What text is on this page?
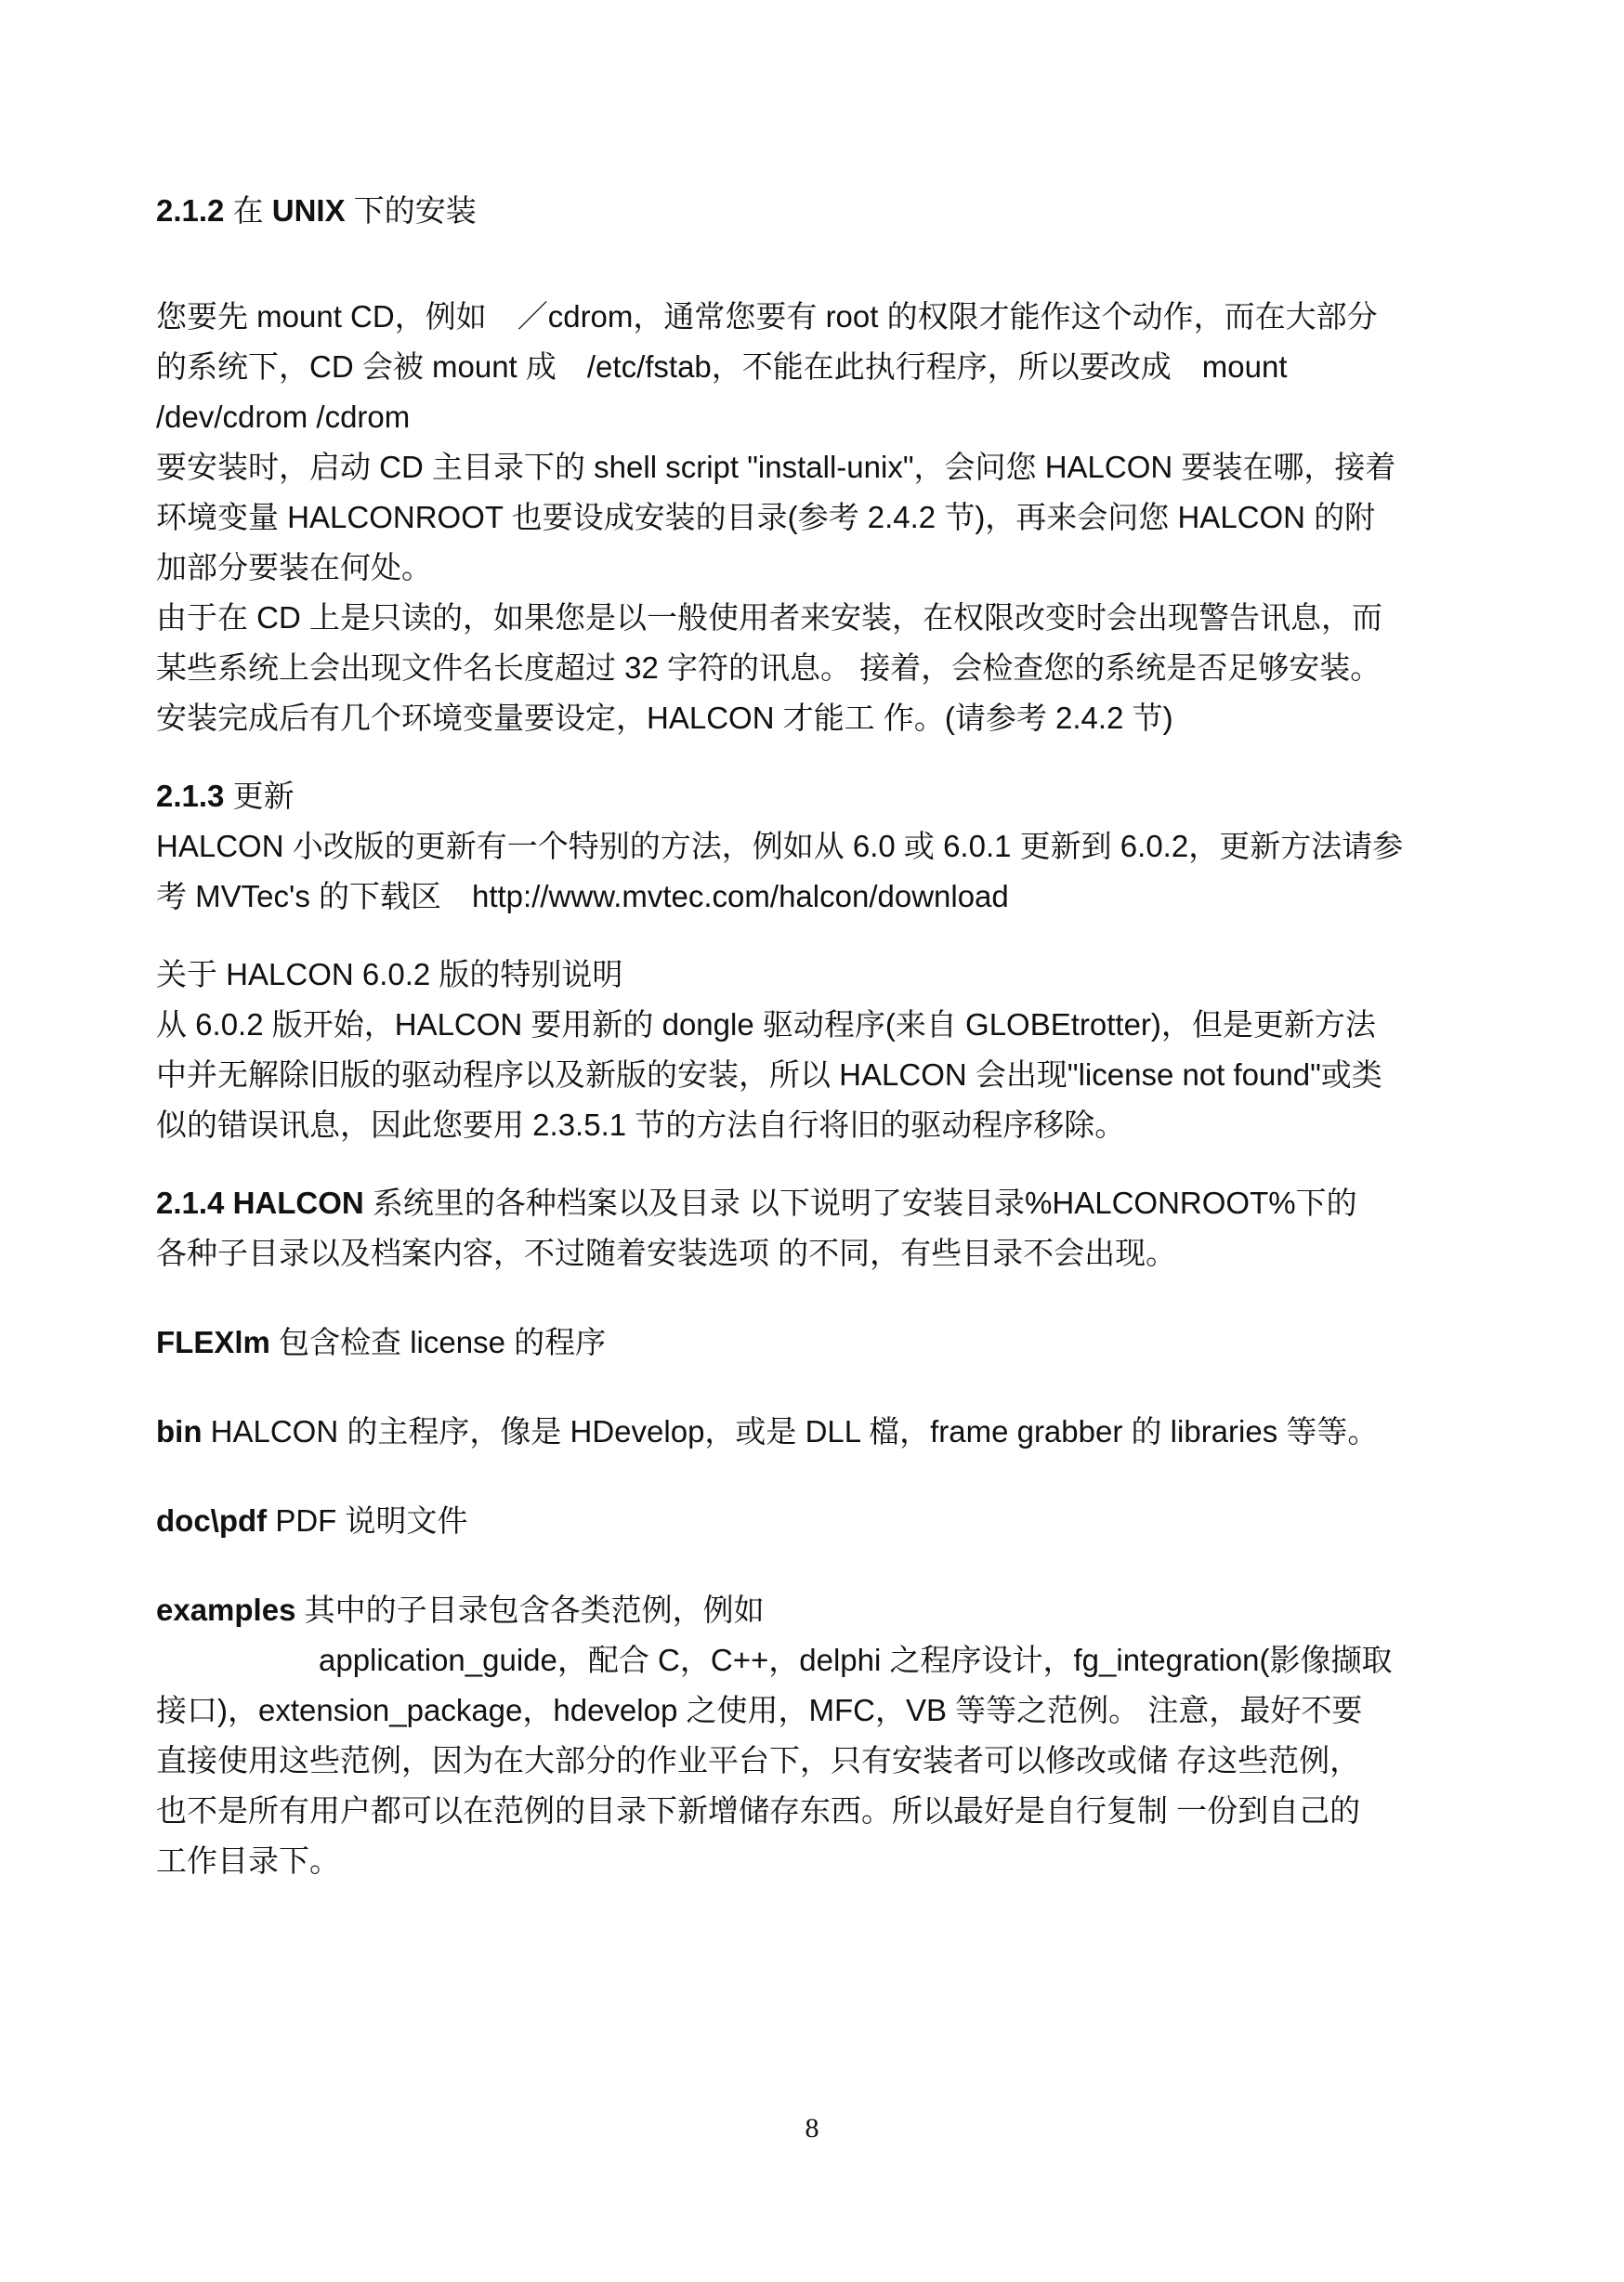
2.1.2 在 UNIX 下的安装

您要先 mount CD，例如　／cdrom，通常您要有 root 的权限才能作这个动作，而在大部分

的系统下，CD 会被 mount 成　/etc/fstab，不能在此执行程序，所以要改成　mount

/dev/cdrom /cdrom

要安装时，启动 CD 主目录下的 shell script "install-unix"，会问您 HALCON 要装在哪，接着

环境变量 HALCONROOT 也要设成安装的目录(参考 2.4.2 节)，再来会问您 HALCON 的附

加部分要装在何处。

由于在 CD 上是只读的，如果您是以一般使用者来安装，在权限改变时会出现警告讯息，而

某些系统上会出现文件名长度超过 32 字符的讯息。 接着，会检查您的系统是否足够安装。

安装完成后有几个环境变量要设定，HALCON 才能工 作。(请参考 2.4.2 节)

2.1.3 更新

HALCON 小改版的更新有一个特别的方法，例如从 6.0 或 6.0.1 更新到 6.0.2，更新方法请参

考 MVTec's 的下载区　http://www.mvtec.com/halcon/download

关于 HALCON 6.0.2 版的特别说明

从 6.0.2 版开始，HALCON 要用新的 dongle 驱动程序(来自 GLOBEtrotter)，但是更新方法

中并无解除旧版的驱动程序以及新版的安装，所以 HALCON 会出现"license not found"或类

似的错误讯息，因此您要用 2.3.5.1 节的方法自行将旧的驱动程序移除。

2.1.4 HALCON 系统里的各种档案以及目录 以下说明了安装目录%HALCONROOT%下的

各种子目录以及档案内容，不过随着安装选项 的不同，有些目录不会出现。

FLEXlm 包含检查 license 的程序

bin HALCON 的主程序，像是 HDevelop，或是 DLL 檔，frame grabber 的 libraries 等等。

doc\pdf PDF 说明文件

examples 其中的子目录包含各类范例，例如

application_guide，配合 C，C++，delphi 之程序设计，fg_integration(影像撷取

接口)，extension_package，hdevelop 之使用，MFC，VB 等等之范例。 注意，最好不要

直接使用这些范例，因为在大部分的作业平台下，只有安装者可以修改或储 存这些范例，

也不是所有用户都可以在范例的目录下新增储存东西。所以最好是自行复制 一份到自己的

工作目录下。

8
